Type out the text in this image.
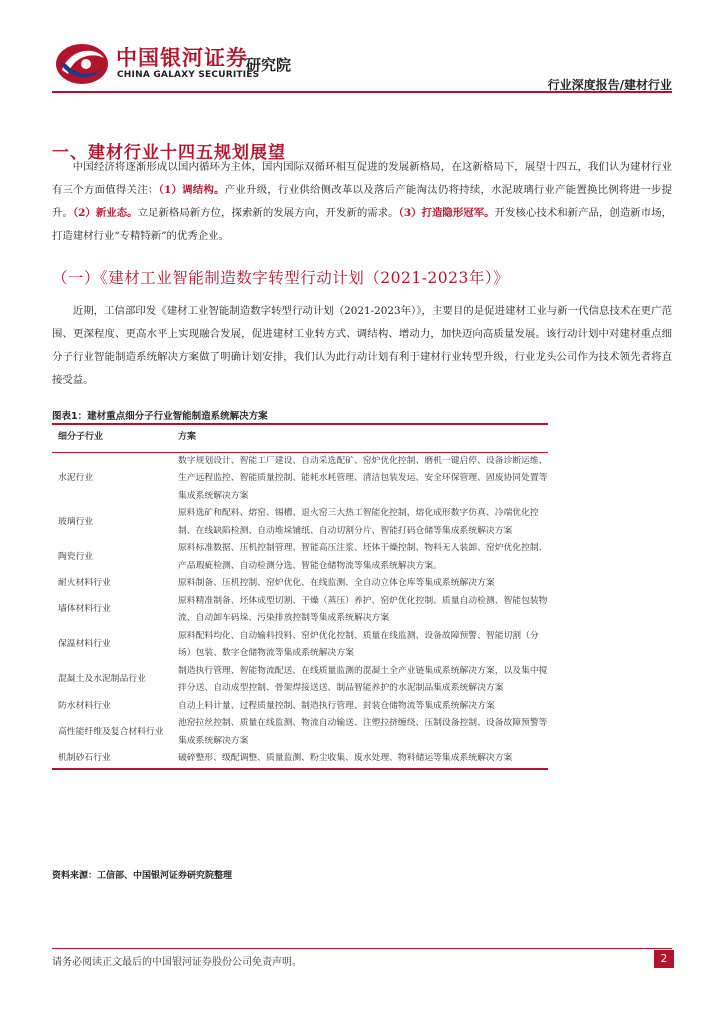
中国银河证券
CHINA GALAXY SECURITIES
研究院
行业深度报告/建材行业
一、建材行业十四五规划展望

中国经济将逐渐形成以国内循环为主体，国内国际双循环相互促进的发展新格局，在这新格局下，展望十四五，我们认为建材行业有三个方面值得关注：（1）调结构。产业升级，行业供给侧改革以及落后产能淘汰仍将持续，水泥玻璃行业产能置换比例将进一步提升。（2）新业态。立足新格局新方位，探索新的发展方向，开发新的需求。（3）打造隐形冠军。开发核心技术和新产品，创造新市场，打造建材行业“专精特新”的优秀企业。

（一）《建材工业智能制造数字转型行动计划（2021-2023年）》

近期，工信部印发《建材工业智能制造数字转型行动计划（2021-2023年）》，主要目的是促进建材工业与新一代信息技术在更广范围、更深程度、更高水平上实现融合发展，促进建材工业转方式、调结构、增动力，加快迈向高质量发展。该行动计划中对建材重点细分子行业智能制造系统解决方案做了明确计划安排，我们认为此行动计划有利于建材行业转型升级，行业龙头公司作为技术领先者将直接受益。

图表1：建材重点细分子行业智能制造系统解决方案
细分子行业	方案
水泥行业	数字规划设计、智能工厂建设、自动采选配矿、窑炉优化控制、磨机一键启停、设备诊断运维、生产远程监控、智能质量控制、能耗水耗管理、清洁包装发运、安全环保管理、固废协同处置等集成系统解决方案
玻璃行业	原料选矿和配料、熔窑、锡槽、退火窑三大热工智能化控制，熔化成形数字仿真、冷端优化控制、在线缺陷检测、自动堆垛铺纸、自动切割分片、智能打码仓储等集成系统解决方案
陶瓷行业	原料标准数据、压机控制管理、智能高压注浆、坯体干燥控制、物料无人装卸、窑炉优化控制、产品瑕疵检测、自动检测分选、智能仓储物流等集成系统解决方案。
耐火材料行业	原料制备、压机控制、窑炉优化、在线监测、全自动立体仓库等集成系统解决方案
墙体材料行业	原料精准制备、坯体成型切割、干燥（蒸压）养护、窑炉优化控制、质量自动检测、智能包装物流、自动卸车码垛、污染排放控制等集成系统解决方案
保温材料行业	原料配料均化、自动输料投料、窑炉优化控制、质量在线监测、设备故障预警、智能切割（分场）包装、数字仓储物流等集成系统解决方案
混凝土及水泥制品行业	制造执行管理、智能物流配送、在线质量监测的混凝土全产业链集成系统解决方案，以及集中搅拌分送、自动成型控制、骨架焊接送送、制品智能养护的水泥制品集成系统解决方案
防水材料行业	自动上料计量、过程质量控制、制造执行管理、封装仓储物流等集成系统解决方案
高性能纤维及复合材料行业	池窑拉丝控制、质量在线监测、物流自动输送、注塑拉挤缠绕、压制设备控制、设备故障预警等集成系统解决方案
机制砂石行业	破碎整形、级配调整、质量监测、粉尘收集、废水处理、物料储运等集成系统解决方案
资料来源：工信部、中国银河证券研究院整理
请务必阅读正文最后的中国银河证券股份公司免责声明。	2
